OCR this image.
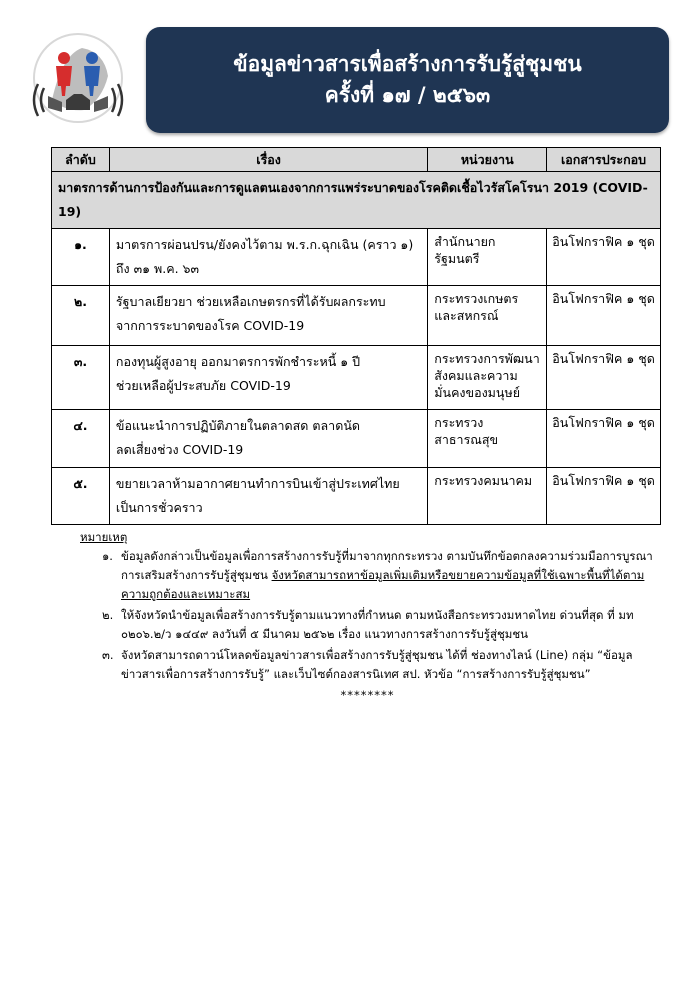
ข้อมูลข่าวสารเพื่อสร้างการรับรู้สู่ชุมชน
ครั้งที่ ๑๗ / ๒๕๖๓
ลำดับ	เรื่อง	หน่วยงาน	เอกสารประกอบ
มาตรการด้านการป้องกันและการดูแลตนเองจากการแพร่ระบาดของโรคติดเชื้อไวรัสโคโรนา 2019 (COVID-19)			
๑.	มาตรการผ่อนปรน/ยังคงไว้ตาม พ.ร.ก.ฉุกเฉิน (คราว ๑)
ถึง ๓๑ พ.ค. ๖๓	สำนักนายกรัฐมนตรี	อินโฟกราฟิค ๑ ชุด
๒.	รัฐบาลเยียวยา ช่วยเหลือเกษตรกรที่ได้รับผลกระทบ
จากการระบาดของโรค COVID-19	กระทรวงเกษตรและสหกรณ์	อินโฟกราฟิค ๑ ชุด
๓.	กองทุนผู้สูงอายุ ออกมาตรการพักชำระหนี้ ๑ ปี
ช่วยเหลือผู้ประสบภัย COVID-19	กระทรวงการพัฒนาสังคมและความมั่นคงของมนุษย์	อินโฟกราฟิค ๑ ชุด
๔.	ข้อแนะนำการปฏิบัติภายในตลาดสด ตลาดนัด
ลดเสี่ยงช่วง COVID-19	กระทรวงสาธารณสุข	อินโฟกราฟิค ๑ ชุด
๕.	ขยายเวลาห้ามอากาศยานทำการบินเข้าสู่ประเทศไทย
เป็นการชั่วคราว	กระทรวงคมนาคม	อินโฟกราฟิค ๑ ชุด
หมายเหตุ
๑. ข้อมูลดังกล่าวเป็นข้อมูลเพื่อการสร้างการรับรู้ที่มาจากทุกกระทรวง ตามบันทึกข้อตกลงความร่วมมือการบูรณาการเสริมสร้างการรับรู้สู่ชุมชน จังหวัดสามารถหาข้อมูลเพิ่มเติมหรือขยายความข้อมูลที่ใช้เฉพาะพื้นที่ได้ตามความถูกต้องและเหมาะสม
๒. ให้จังหวัดนำข้อมูลเพื่อสร้างการรับรู้ตามแนวทางที่กำหนด ตามหนังสือกระทรวงมหาดไทย ด่วนที่สุด ที่ มท ๐๒๐๖.๒/ว ๑๔๔๙ ลงวันที่ ๕ มีนาคม ๒๕๖๒ เรื่อง แนวทางการสร้างการรับรู้สู่ชุมชน
๓. จังหวัดสามารถดาวน์โหลดข้อมูลข่าวสารเพื่อสร้างการรับรู้สู่ชุมชน ได้ที่ ช่องทางไลน์ (Line) กลุ่ม “ข้อมูลข่าวสารเพื่อการสร้างการรับรู้” และเว็บไซต์กองสารนิเทศ สป. หัวข้อ “การสร้างการรับรู้สู่ชุมชน”
********
